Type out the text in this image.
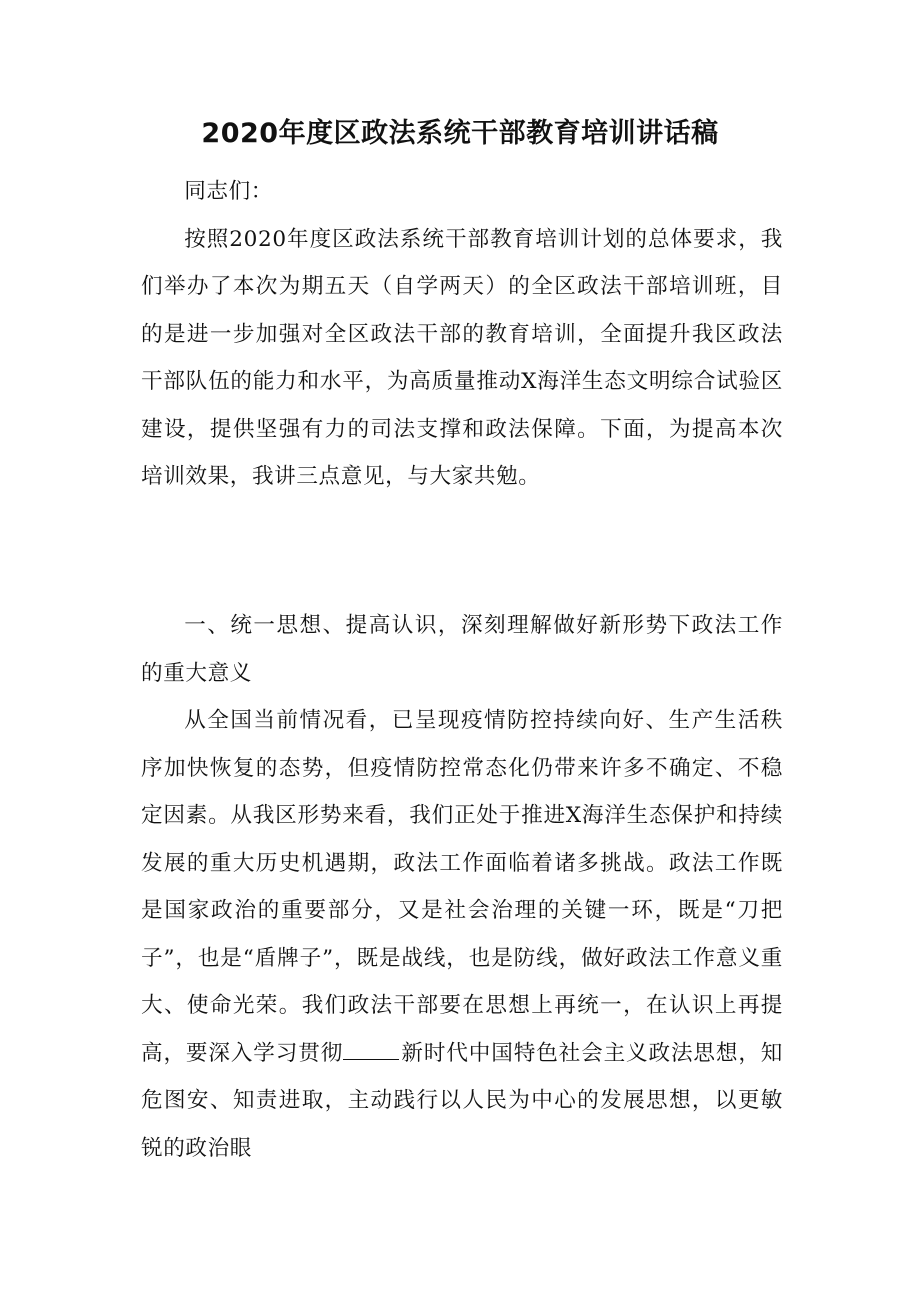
2020年度区政法系统干部教育培训讲话稿

同志们：

按照2020年度区政法系统干部教育培训计划的总体要求，我们举办了本次为期五天（自学两天）的全区政法干部培训班，目的是进一步加强对全区政法干部的教育培训，全面提升我区政法干部队伍的能力和水平，为高质量推动X海洋生态文明综合试验区建设，提供坚强有力的司法支撑和政法保障。下面，为提高本次培训效果，我讲三点意见，与大家共勉。

一、统一思想、提高认识，深刻理解做好新形势下政法工作的重大意义

从全国当前情况看，已呈现疫情防控持续向好、生产生活秩序加快恢复的态势，但疫情防控常态化仍带来许多不确定、不稳定因素。从我区形势来看，我们正处于推进X海洋生态保护和持续发展的重大历史机遇期，政法工作面临着诸多挑战。政法工作既是国家政治的重要部分，又是社会治理的关键一环，既是“刀把子”，也是“盾牌子”，既是战线，也是防线，做好政法工作意义重大、使命光荣。我们政法干部要在思想上再统一，在认识上再提高，要深入学习贯彻	新时代中国特色社会主义政法思想，知危图安、知责进取，主动践行以人民为中心的发展思想，以更敏锐的政治眼
